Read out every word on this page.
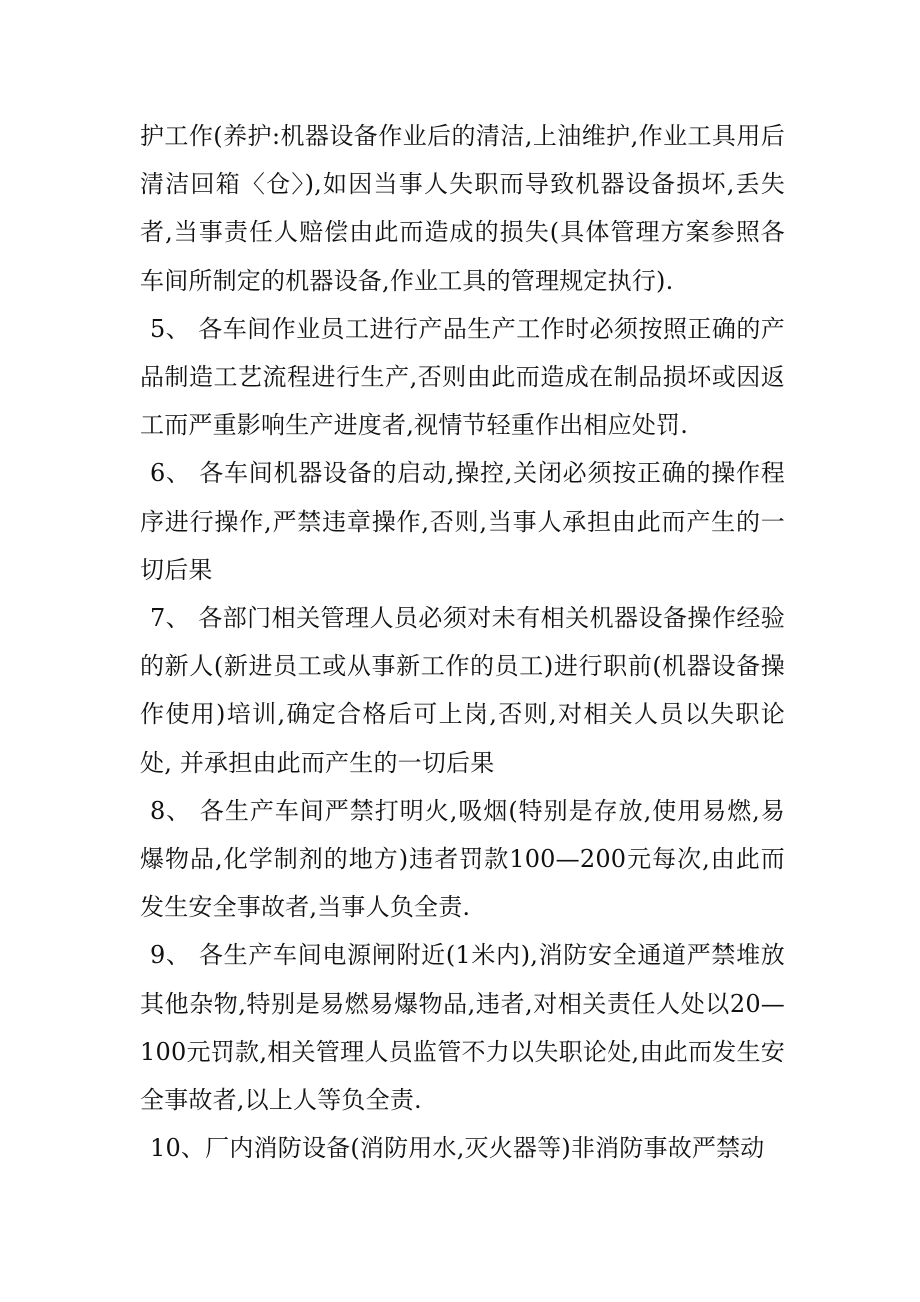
护工作(养护:机器设备作业后的清洁,上油维护,作业工具用后清洁回箱〈仓〉),如因当事人失职而导致机器设备损坏,丢失者,当事责任人赔偿由此而造成的损失(具体管理方案参照各车间所制定的机器设备,作业工具的管理规定执行).

5、 各车间作业员工进行产品生产工作时必须按照正确的产品制造工艺流程进行生产,否则由此而造成在制品损坏或因返工而严重影响生产进度者,视情节轻重作出相应处罚.

6、 各车间机器设备的启动,操控,关闭必须按正确的操作程序进行操作,严禁违章操作,否则,当事人承担由此而产生的一切后果

7、 各部门相关管理人员必须对未有相关机器设备操作经验的新人(新进员工或从事新工作的员工)进行职前(机器设备操作使用)培训,确定合格后可上岗,否则,对相关人员以失职论处, 并承担由此而产生的一切后果

8、 各生产车间严禁打明火,吸烟(特别是存放,使用易燃,易爆物品,化学制剂的地方)违者罚款100—200元每次,由此而发生安全事故者,当事人负全责.

9、 各生产车间电源闸附近(1米内),消防安全通道严禁堆放其他杂物,特别是易燃易爆物品,违者,对相关责任人处以20—100元罚款,相关管理人员监管不力以失职论处,由此而发生安全事故者,以上人等负全责.

10、厂内消防设备(消防用水,灭火器等)非消防事故严禁动
